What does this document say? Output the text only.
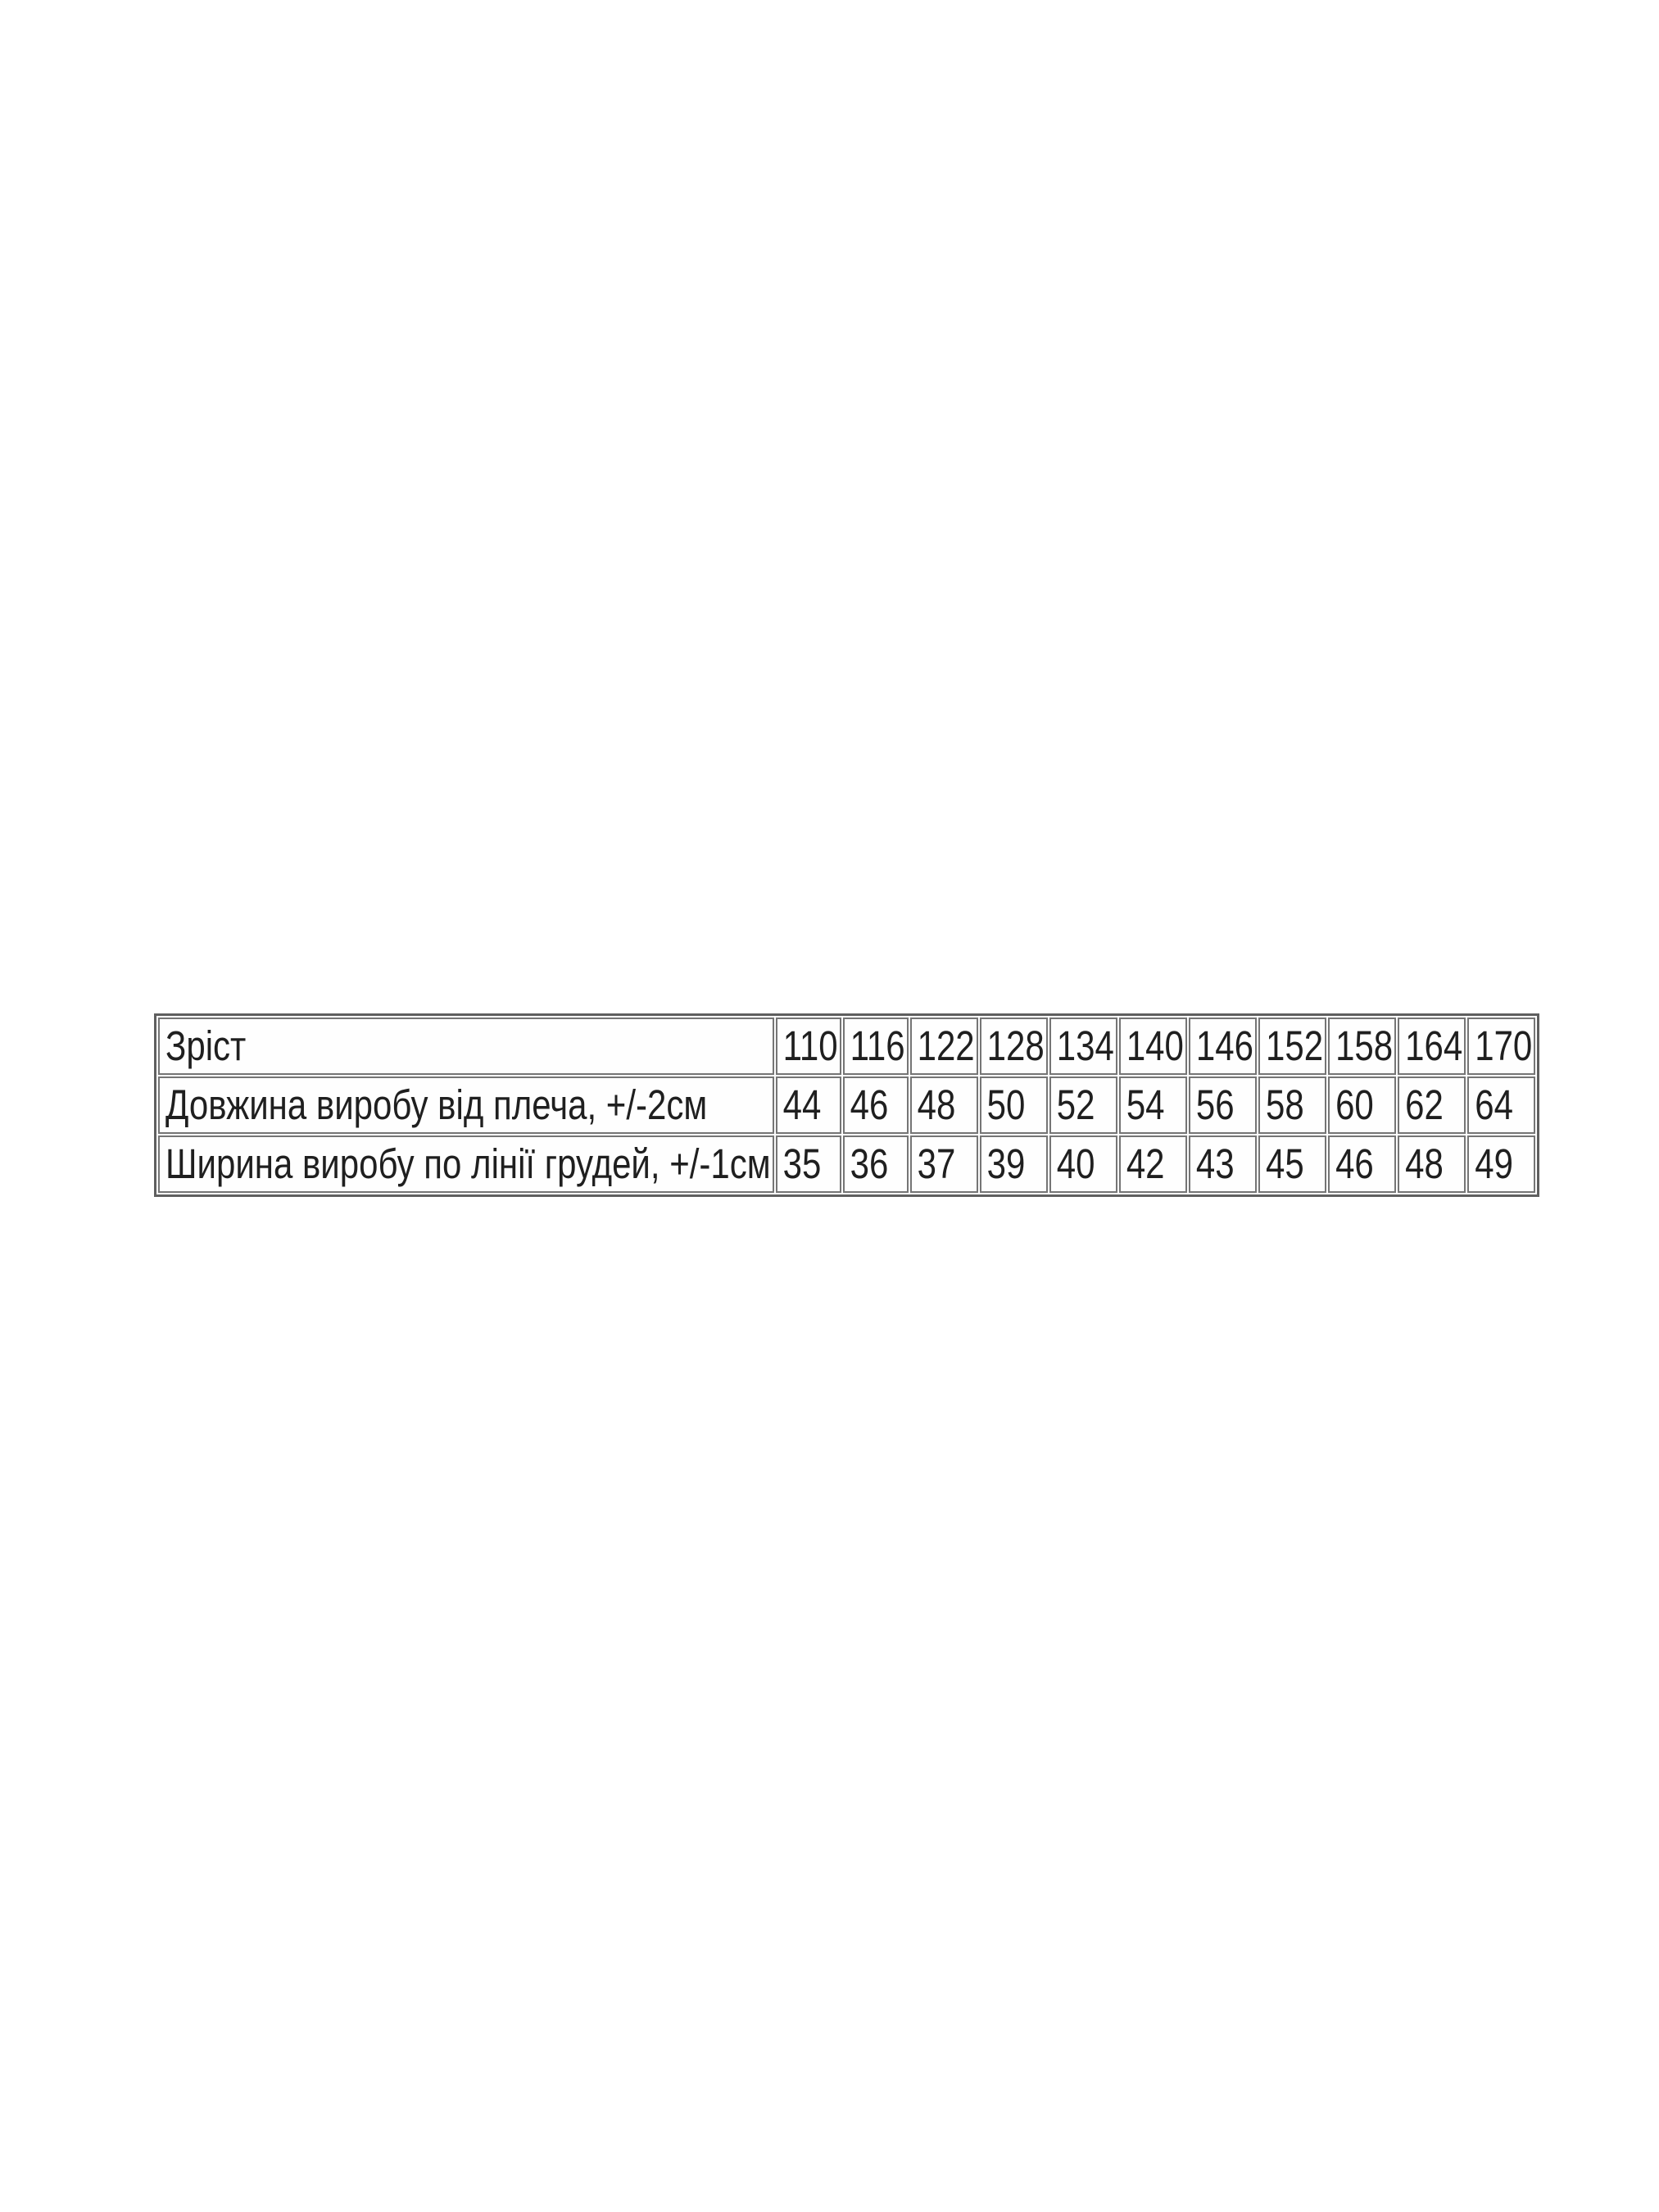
Зріст	110	116	122	128	134	140	146	152	158	164	170
Довжина виробу від плеча, +/-2см	44	46	48	50	52	54	56	58	60	62	64
Ширина виробу по лінії грудей, +/-1см	35	36	37	39	40	42	43	45	46	48	49
